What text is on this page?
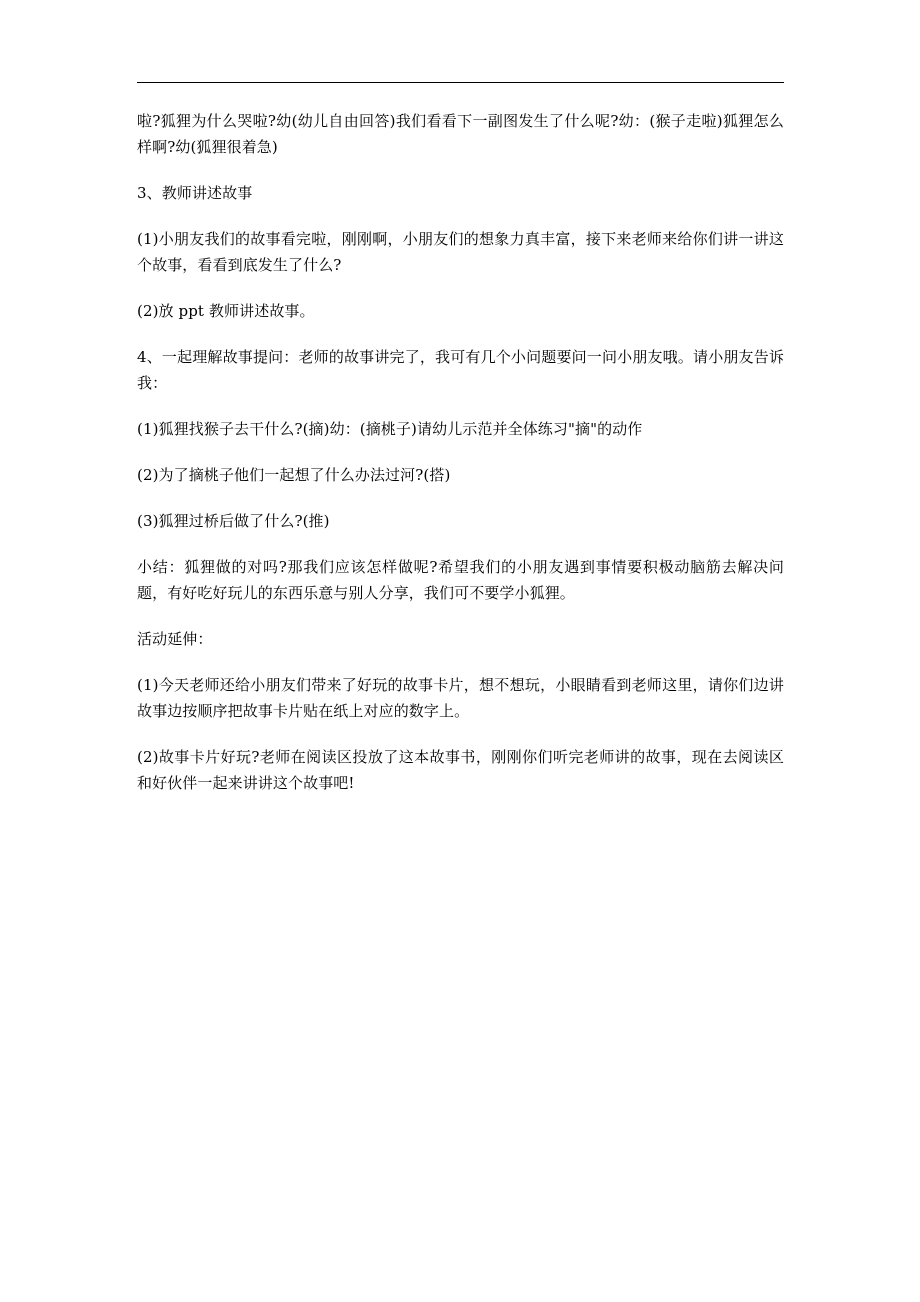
啦?狐狸为什么哭啦?幼(幼儿自由回答)我们看看下一副图发生了什么呢?幼：(猴子走啦)狐狸怎么样啊?幼(狐狸很着急)

3、教师讲述故事

(1)小朋友我们的故事看完啦，刚刚啊，小朋友们的想象力真丰富，接下来老师来给你们讲一讲这个故事，看看到底发生了什么?

(2)放 ppt 教师讲述故事。

4、一起理解故事提问：老师的故事讲完了，我可有几个小问题要问一问小朋友哦。请小朋友告诉我：

(1)狐狸找猴子去干什么?(摘)幼：(摘桃子)请幼儿示范并全体练习"摘"的动作

(2)为了摘桃子他们一起想了什么办法过河?(搭)

(3)狐狸过桥后做了什么?(推)

小结：狐狸做的对吗?那我们应该怎样做呢?希望我们的小朋友遇到事情要积极动脑筋去解决问题，有好吃好玩儿的东西乐意与别人分享，我们可不要学小狐狸。

活动延伸：

(1)今天老师还给小朋友们带来了好玩的故事卡片，想不想玩，小眼睛看到老师这里，请你们边讲故事边按顺序把故事卡片贴在纸上对应的数字上。

(2)故事卡片好玩?老师在阅读区投放了这本故事书，刚刚你们听完老师讲的故事，现在去阅读区和好伙伴一起来讲讲这个故事吧!
